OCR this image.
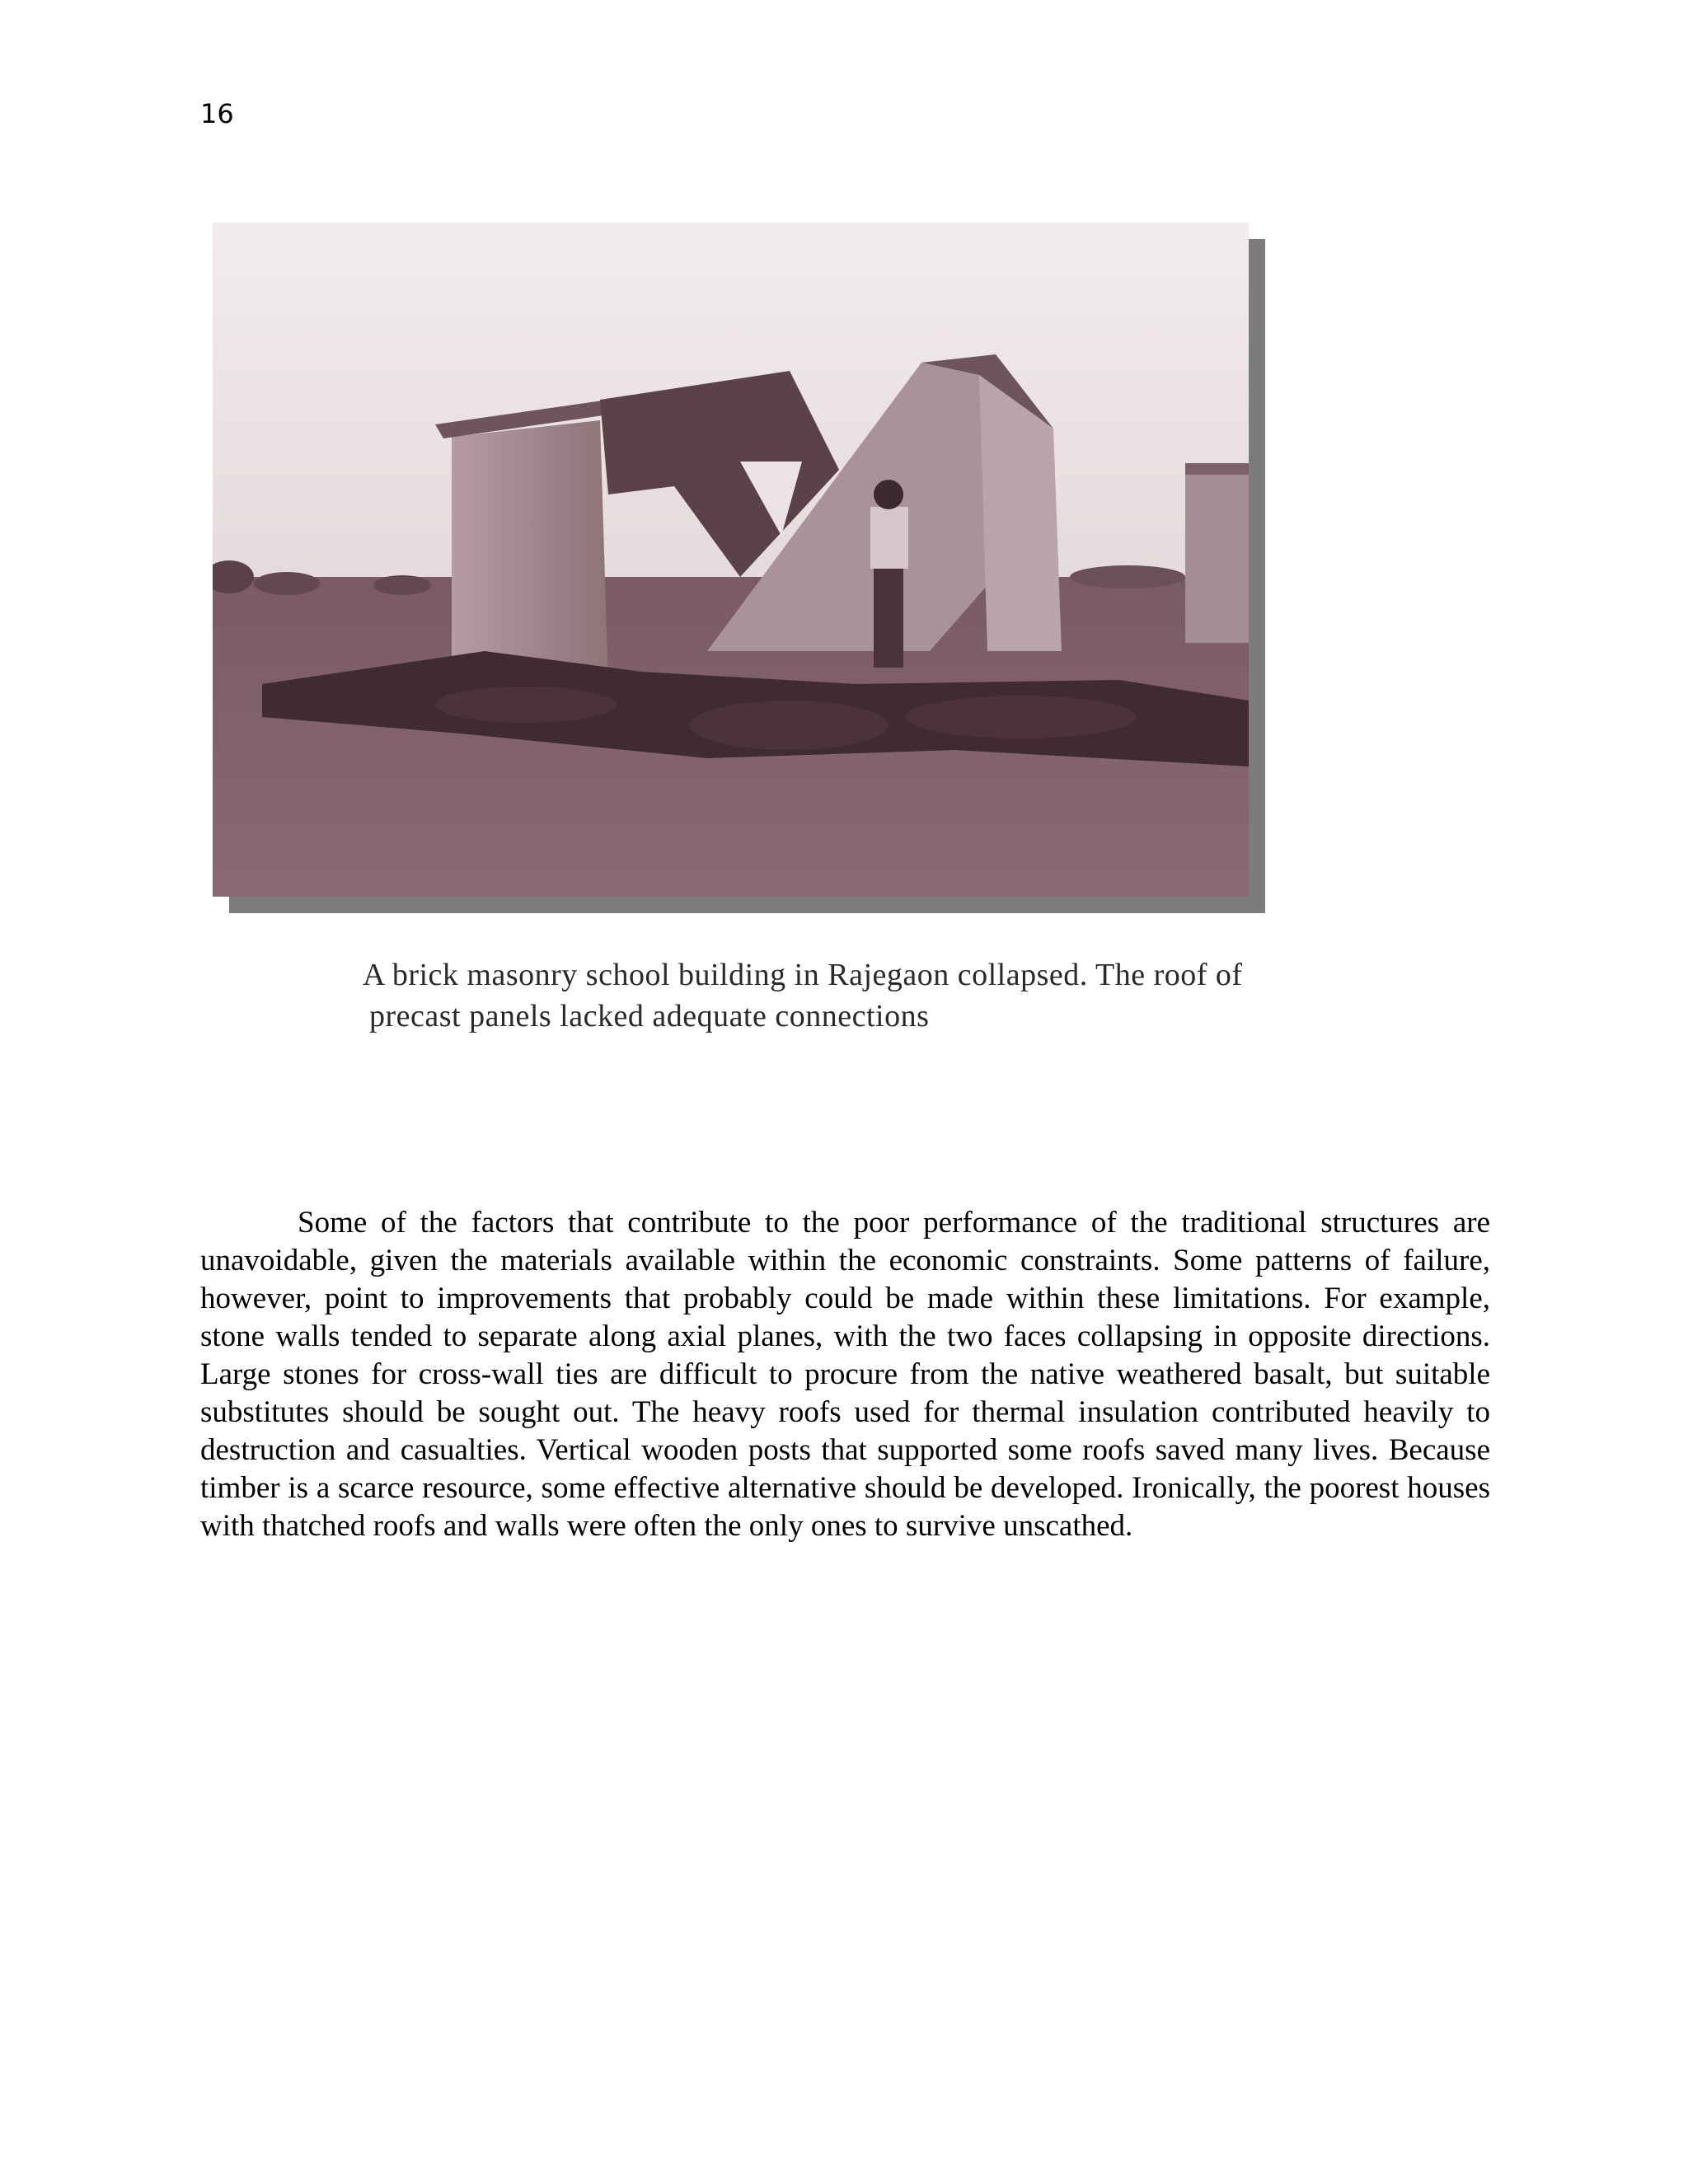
16
A brick masonry school building in Rajegaon collapsed. The roof of
precast panels lacked adequate connections

Some of the factors that contribute to the poor performance of the traditional structures are unavoidable, given the materials available within the economic constraints. Some patterns of failure, however, point to improvements that probably could be made within these limitations. For example, stone walls tended to separate along axial planes, with the two faces collapsing in opposite directions. Large stones for cross-wall ties are difficult to procure from the native weathered basalt, but suitable substitutes should be sought out. The heavy roofs used for thermal insulation contributed heavily to destruction and casualties. Vertical wooden posts that supported some roofs saved many lives. Because timber is a scarce resource, some effective alternative should be developed. Ironically, the poorest houses with thatched roofs and walls were often the only ones to survive unscathed.
